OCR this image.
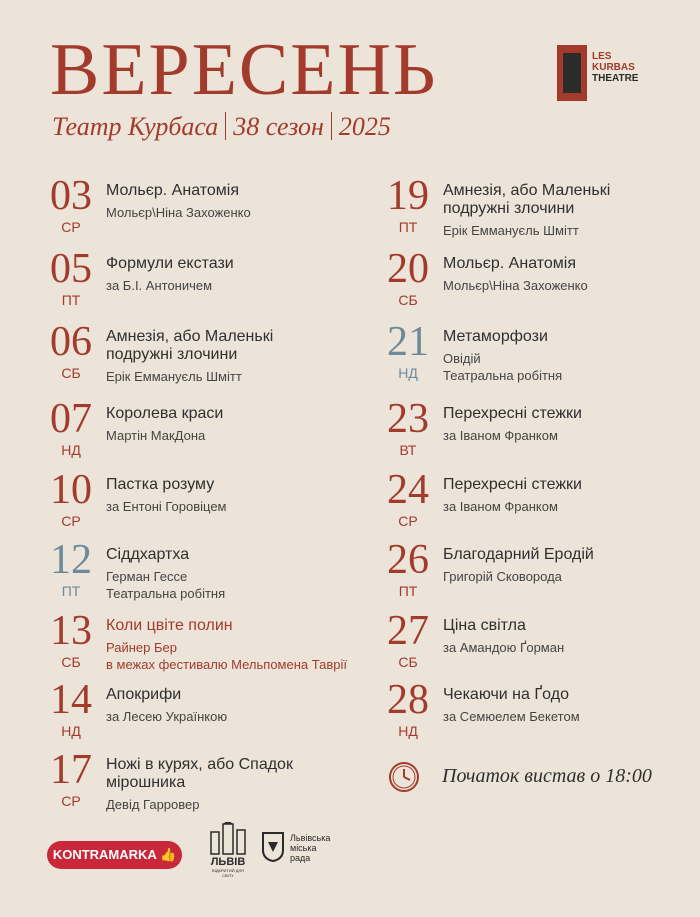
ВЕРЕСЕНЬ
Театр Курбаса 38 сезон 2025
LES
KURBAS
THEATRE
03
СР
Мольєр. Анатомія
Мольєр\Ніна Захоженко
05
ПТ
Формули екстази
за Б.І. Антоничем
06
СБ
Амнезія, або Маленькі подружні злочини
Ерік Еммануєль Шмітт
07
НД
Королева краси
Мартін МакДона
10
СР
Пастка розуму
за Ентоні Горовіцем
12
ПТ
Сіддхартха
Герман Гессе
Театральна робітня
13
СБ
Коли цвіте полин
Райнер Бер
в межах фестивалю Мельпомена Таврії
14
НД
Апокрифи
за Лесею Українкою
17
СР
Ножі в курях, або Спадок мірошника
Девід Гарровер
19
ПТ
Амнезія, або Маленькі подружні злочини
Ерік Еммануєль Шмітт
20
СБ
Мольєр. Анатомія
Мольєр\Ніна Захоженко
21
НД
Метаморфози
Овідій
Театральна робітня
23
ВТ
Перехресні стежки
за Іваном Франком
24
СР
Перехресні стежки
за Іваном Франком
26
ПТ
Благодарний Еродій
Григорій Сковорода
27
СБ
Ціна світла
за Амандою Ґорман
28
НД
Чекаючи на Ґодо
за Семюелем Бекетом
Початок вистав о 18:00
KONTRAMARKA 👍	ЛЬВІВ
ВІДКРИТИЙ ДЛЯ СВІТУ
Львівська
міська
рада
